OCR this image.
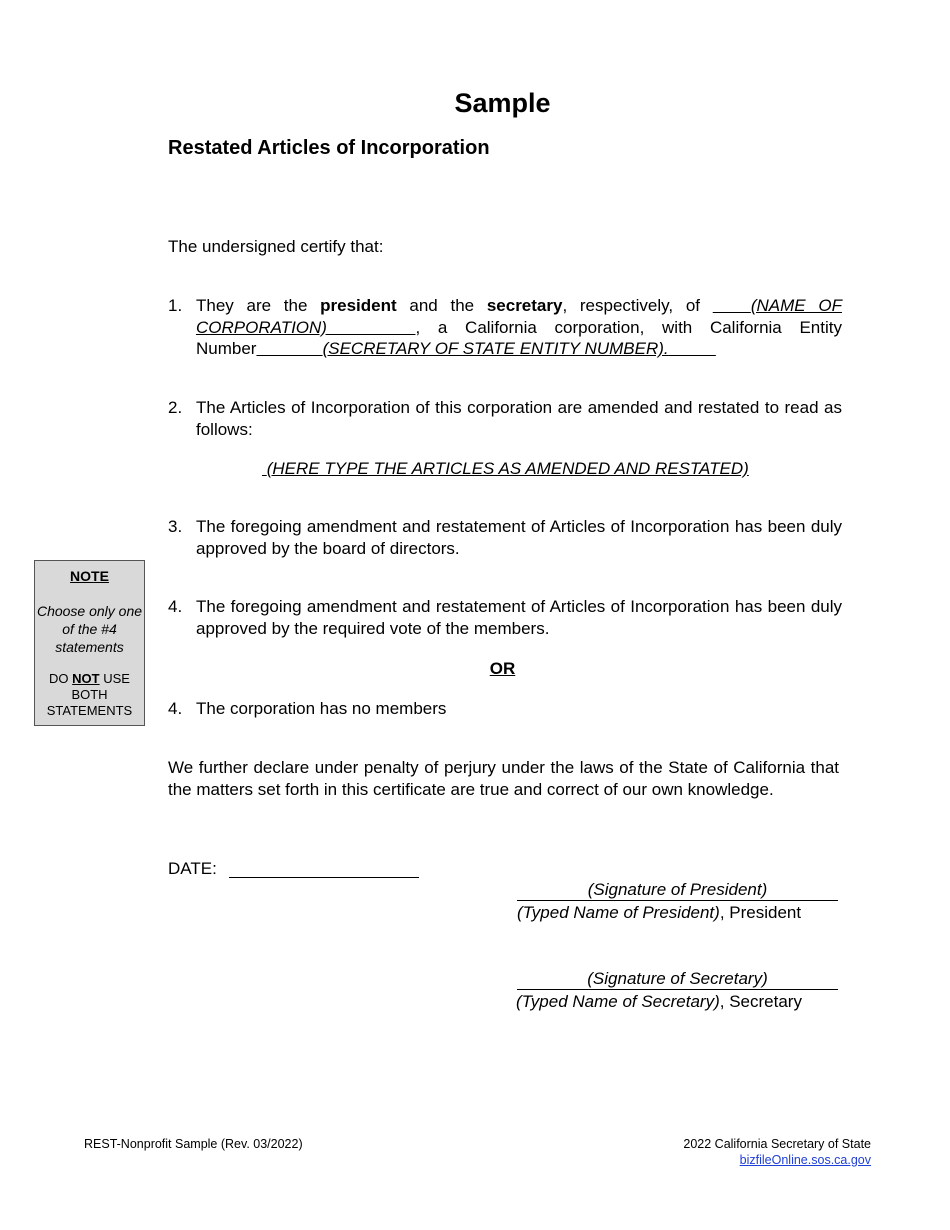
Sample
Restated Articles of Incorporation
The undersigned certify that:
1. They are the president and the secretary, respectively, of	(NAME OF CORPORATION)	, a California corporation, with California Entity Number	(SECRETARY OF STATE ENTITY NUMBER).
2. The Articles of Incorporation of this corporation are amended and restated to read as follows:
(HERE TYPE THE ARTICLES AS AMENDED AND RESTATED)
3. The foregoing amendment and restatement of Articles of Incorporation has been duly approved by the board of directors.
4. The foregoing amendment and restatement of Articles of Incorporation has been duly approved by the required vote of the members.
OR
4. The corporation has no members
NOTE
Choose only one of the #4 statements
DO NOT USE BOTH STATEMENTS
We further declare under penalty of perjury under the laws of the State of California that the matters set forth in this certificate are true and correct of our own knowledge.
DATE:
(Signature of President)
(Typed Name of President), President
(Signature of Secretary)
(Typed Name of Secretary), Secretary
REST-Nonprofit Sample (Rev. 03/2022)	2022 California Secretary of State
bizfileOnline.sos.ca.gov
